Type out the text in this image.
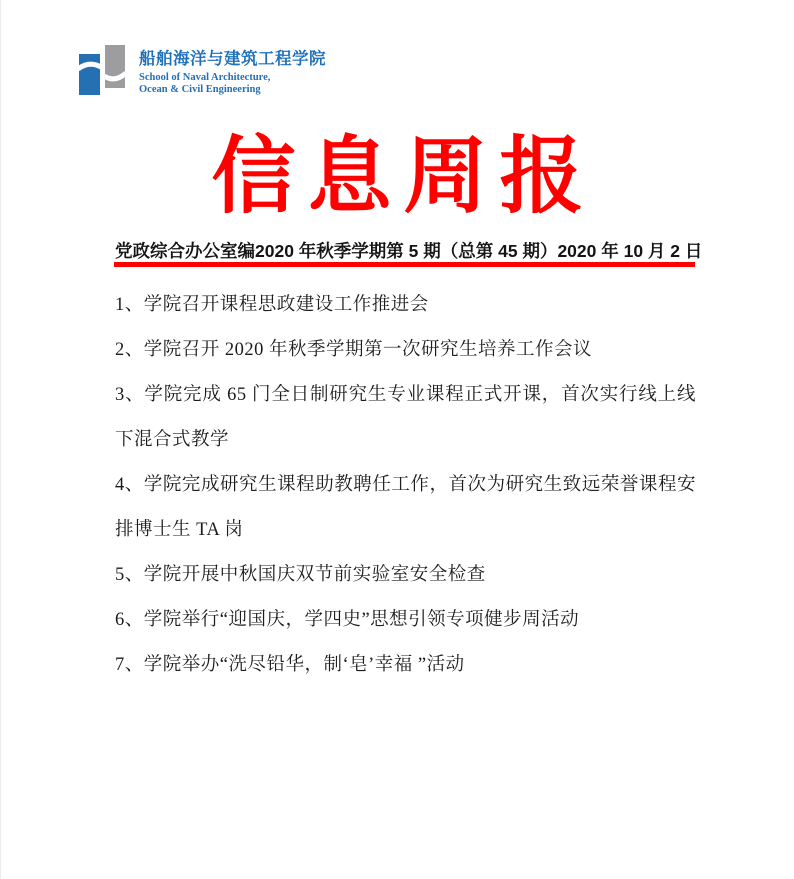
船舶海洋与建筑工程学院
School of Naval Architecture,
Ocean & Civil Engineering
信息周报
党政综合办公室编 2020 年秋季学期第 5 期（总第 45 期） 2020 年 10 月 2 日

1、学院召开课程思政建设工作推进会

2、学院召开 2020 年秋季学期第一次研究生培养工作会议

3、学院完成 65 门全日制研究生专业课程正式开课，首次实行线上线下混合式教学

4、学院完成研究生课程助教聘任工作，首次为研究生致远荣誉课程安排博士生 TA 岗

5、学院开展中秋国庆双节前实验室安全检查

6、学院举行“迎国庆，学四史”思想引领专项健步周活动

7、学院举办“洗尽铅华，制‘皂’幸福 ”活动
